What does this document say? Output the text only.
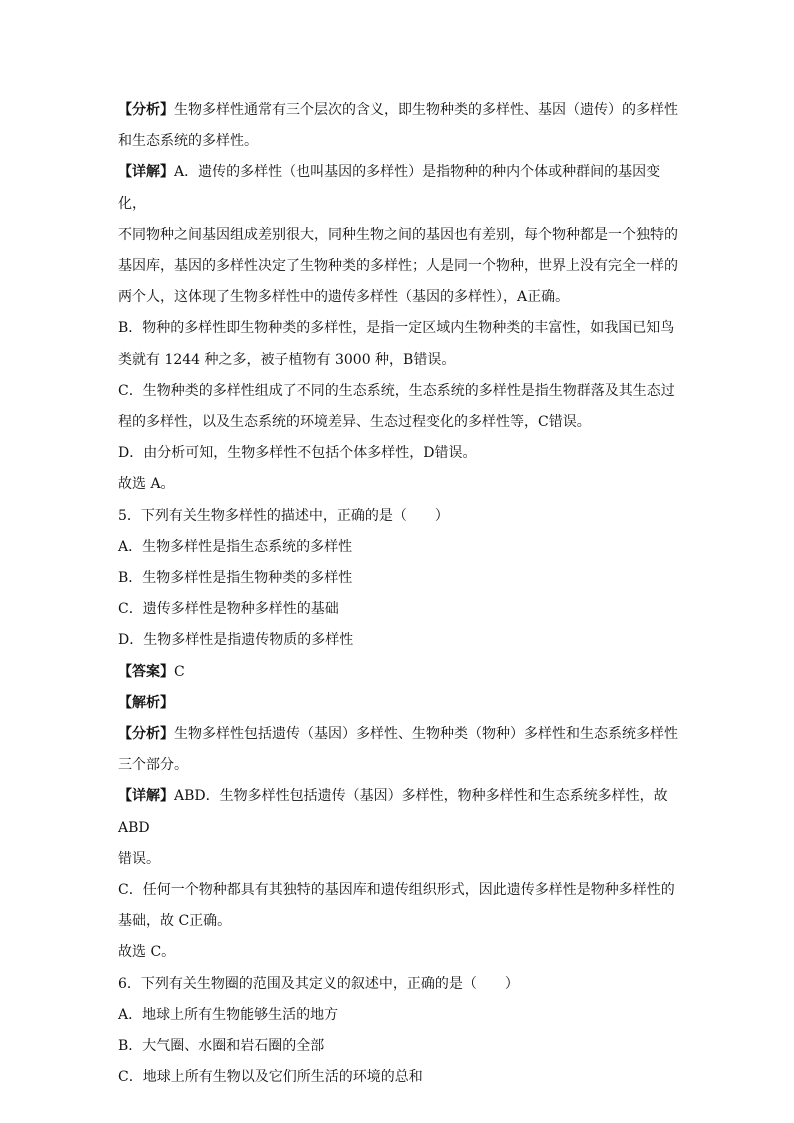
【分析】生物多样性通常有三个层次的含义，即生物种类的多样性、基因（遗传）的多样性

和生态系统的多样性。

【详解】A．遗传的多样性（也叫基因的多样性）是指物种的种内个体或种群间的基因变化，

不同物种之间基因组成差别很大，同种生物之间的基因也有差别，每个物种都是一个独特的

基因库，基因的多样性决定了生物种类的多样性；人是同一个物种，世界上没有完全一样的

两个人，这体现了生物多样性中的遗传多样性（基因的多样性），A正确。

B．物种的多样性即生物种类的多样性，是指一定区域内生物种类的丰富性，如我国已知鸟

类就有 1244 种之多，被子植物有 3000 种，B错误。

C．生物种类的多样性组成了不同的生态系统，生态系统的多样性是指生物群落及其生态过

程的多样性，以及生态系统的环境差异、生态过程变化的多样性等，C错误。

D．由分析可知，生物多样性不包括个体多样性，D错误。

故选 A。

5．下列有关生物多样性的描述中，正确的是（　　）

A．生物多样性是指生态系统的多样性

B．生物多样性是指生物种类的多样性

C．遗传多样性是物种多样性的基础

D．生物多样性是指遗传物质的多样性

【答案】C

【解析】

【分析】生物多样性包括遗传（基因）多样性、生物种类（物种）多样性和生态系统多样性

三个部分。

【详解】ABD．生物多样性包括遗传（基因）多样性，物种多样性和生态系统多样性，故 ABD

错误。

C．任何一个物种都具有其独特的基因库和遗传组织形式，因此遗传多样性是物种多样性的

基础，故 C正确。

故选 C。

6．下列有关生物圈的范围及其定义的叙述中，正确的是（　　）

A．地球上所有生物能够生活的地方

B．大气圈、水圈和岩石圈的全部

C．地球上所有生物以及它们所生活的环境的总和
